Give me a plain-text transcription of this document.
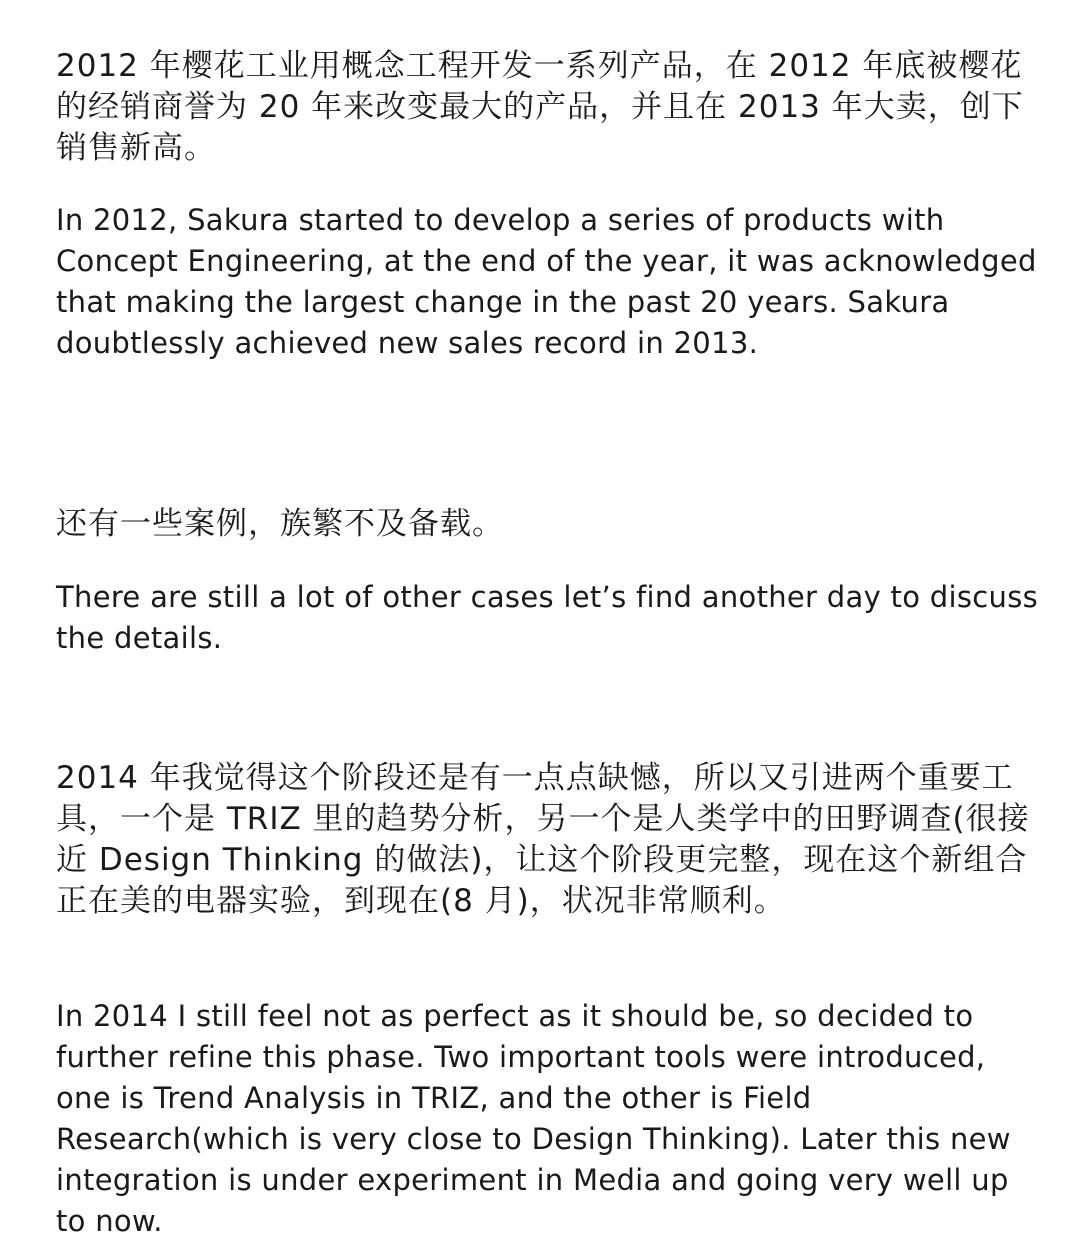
2012 年樱花工业用概念工程开发一系列产品，在 2012 年底被樱花的经销商誉为 20 年来改变最大的产品，并且在 2013 年大卖，创下销售新高。

In 2012, Sakura started to develop a series of products with Concept Engineering, at the end of the year, it was acknowledged that making the largest change in the past 20 years. Sakura doubtlessly achieved new sales record in 2013.

还有一些案例，族繁不及备载。

There are still a lot of other cases let’s find another day to discuss the details.

2014 年我觉得这个阶段还是有一点点缺憾，所以又引进两个重要工具，一个是 TRIZ 里的趋势分析，另一个是人类学中的田野调查(很接近 Design Thinking 的做法)，让这个阶段更完整，现在这个新组合正在美的电器实验，到现在(8 月)，状况非常顺利。

In 2014 I still feel not as perfect as it should be, so decided to further refine this phase. Two important tools were introduced, one is Trend Analysis in TRIZ, and the other is Field Research(which is very close to Design Thinking). Later this new integration is under experiment in Media and going very well up to now.
